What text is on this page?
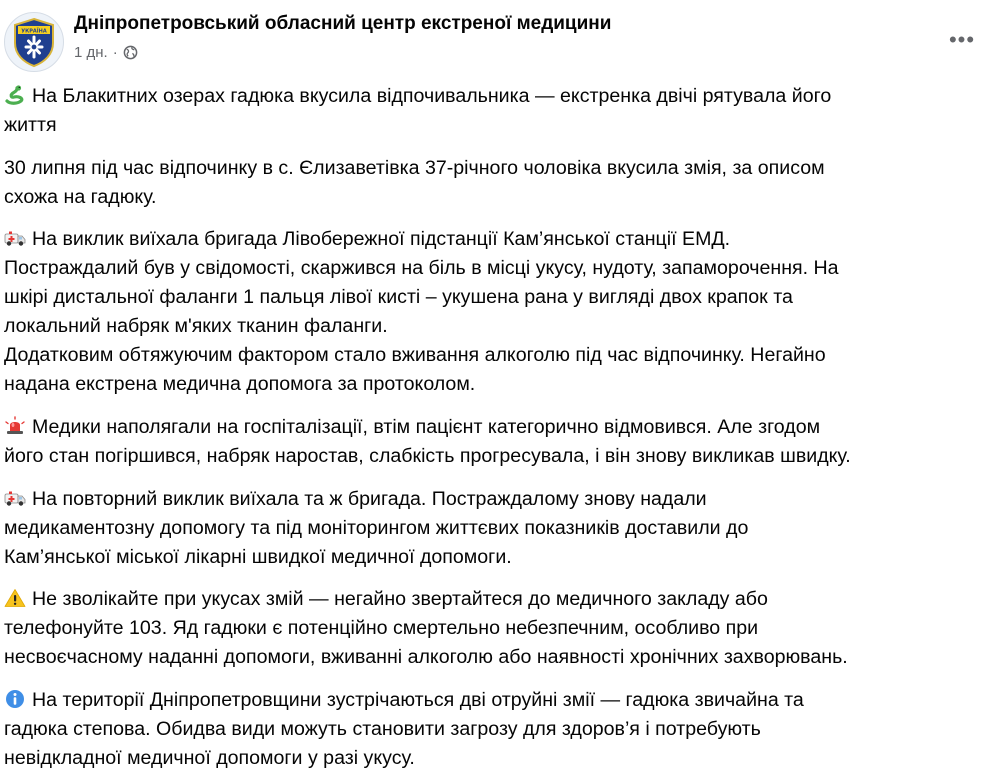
УКРАЇНА Дніпропетровський обласний центр екстреної медицини
1 дн. ·
•••
На Блакитних озерах гадюка вкусила відпочивальника — екстренка двічі рятувала його
життя
30 липня під час відпочинку в с. Єлизаветівка 37-річного чоловіка вкусила змія, за описом
схожа на гадюку.
На виклик виїхала бригада Лівобережної підстанції Кам’янської станції ЕМД.
Постраждалий був у свідомості, скаржився на біль в місці укусу, нудоту, запаморочення. На
шкірі дистальної фаланги 1 пальця лівої кисті – укушена рана у вигляді двох крапок та
локальний набряк м'яких тканин фаланги.
Додатковим обтяжуючим фактором стало вживання алкоголю під час відпочинку. Негайно
надана екстрена медична допомога за протоколом.
Медики наполягали на госпіталізації, втім пацієнт категорично відмовився. Але згодом
його стан погіршився, набряк наростав, слабкість прогресувала, і він знову викликав швидку.
На повторний виклик виїхала та ж бригада. Постраждалому знову надали
медикаментозну допомогу та під моніторингом життєвих показників доставили до
Кам’янської міської лікарні швидкої медичної допомоги.
Не зволікайте при укусах змій — негайно звертайтеся до медичного закладу або
телефонуйте 103. Яд гадюки є потенційно смертельно небезпечним, особливо при
несвоєчасному наданні допомоги, вживанні алкоголю або наявності хронічних захворювань.
На території Дніпропетровщини зустрічаються дві отруйні змії — гадюка звичайна та
гадюка степова. Обидва види можуть становити загрозу для здоров’я і потребують
невідкладної медичної допомоги у разі укусу.
